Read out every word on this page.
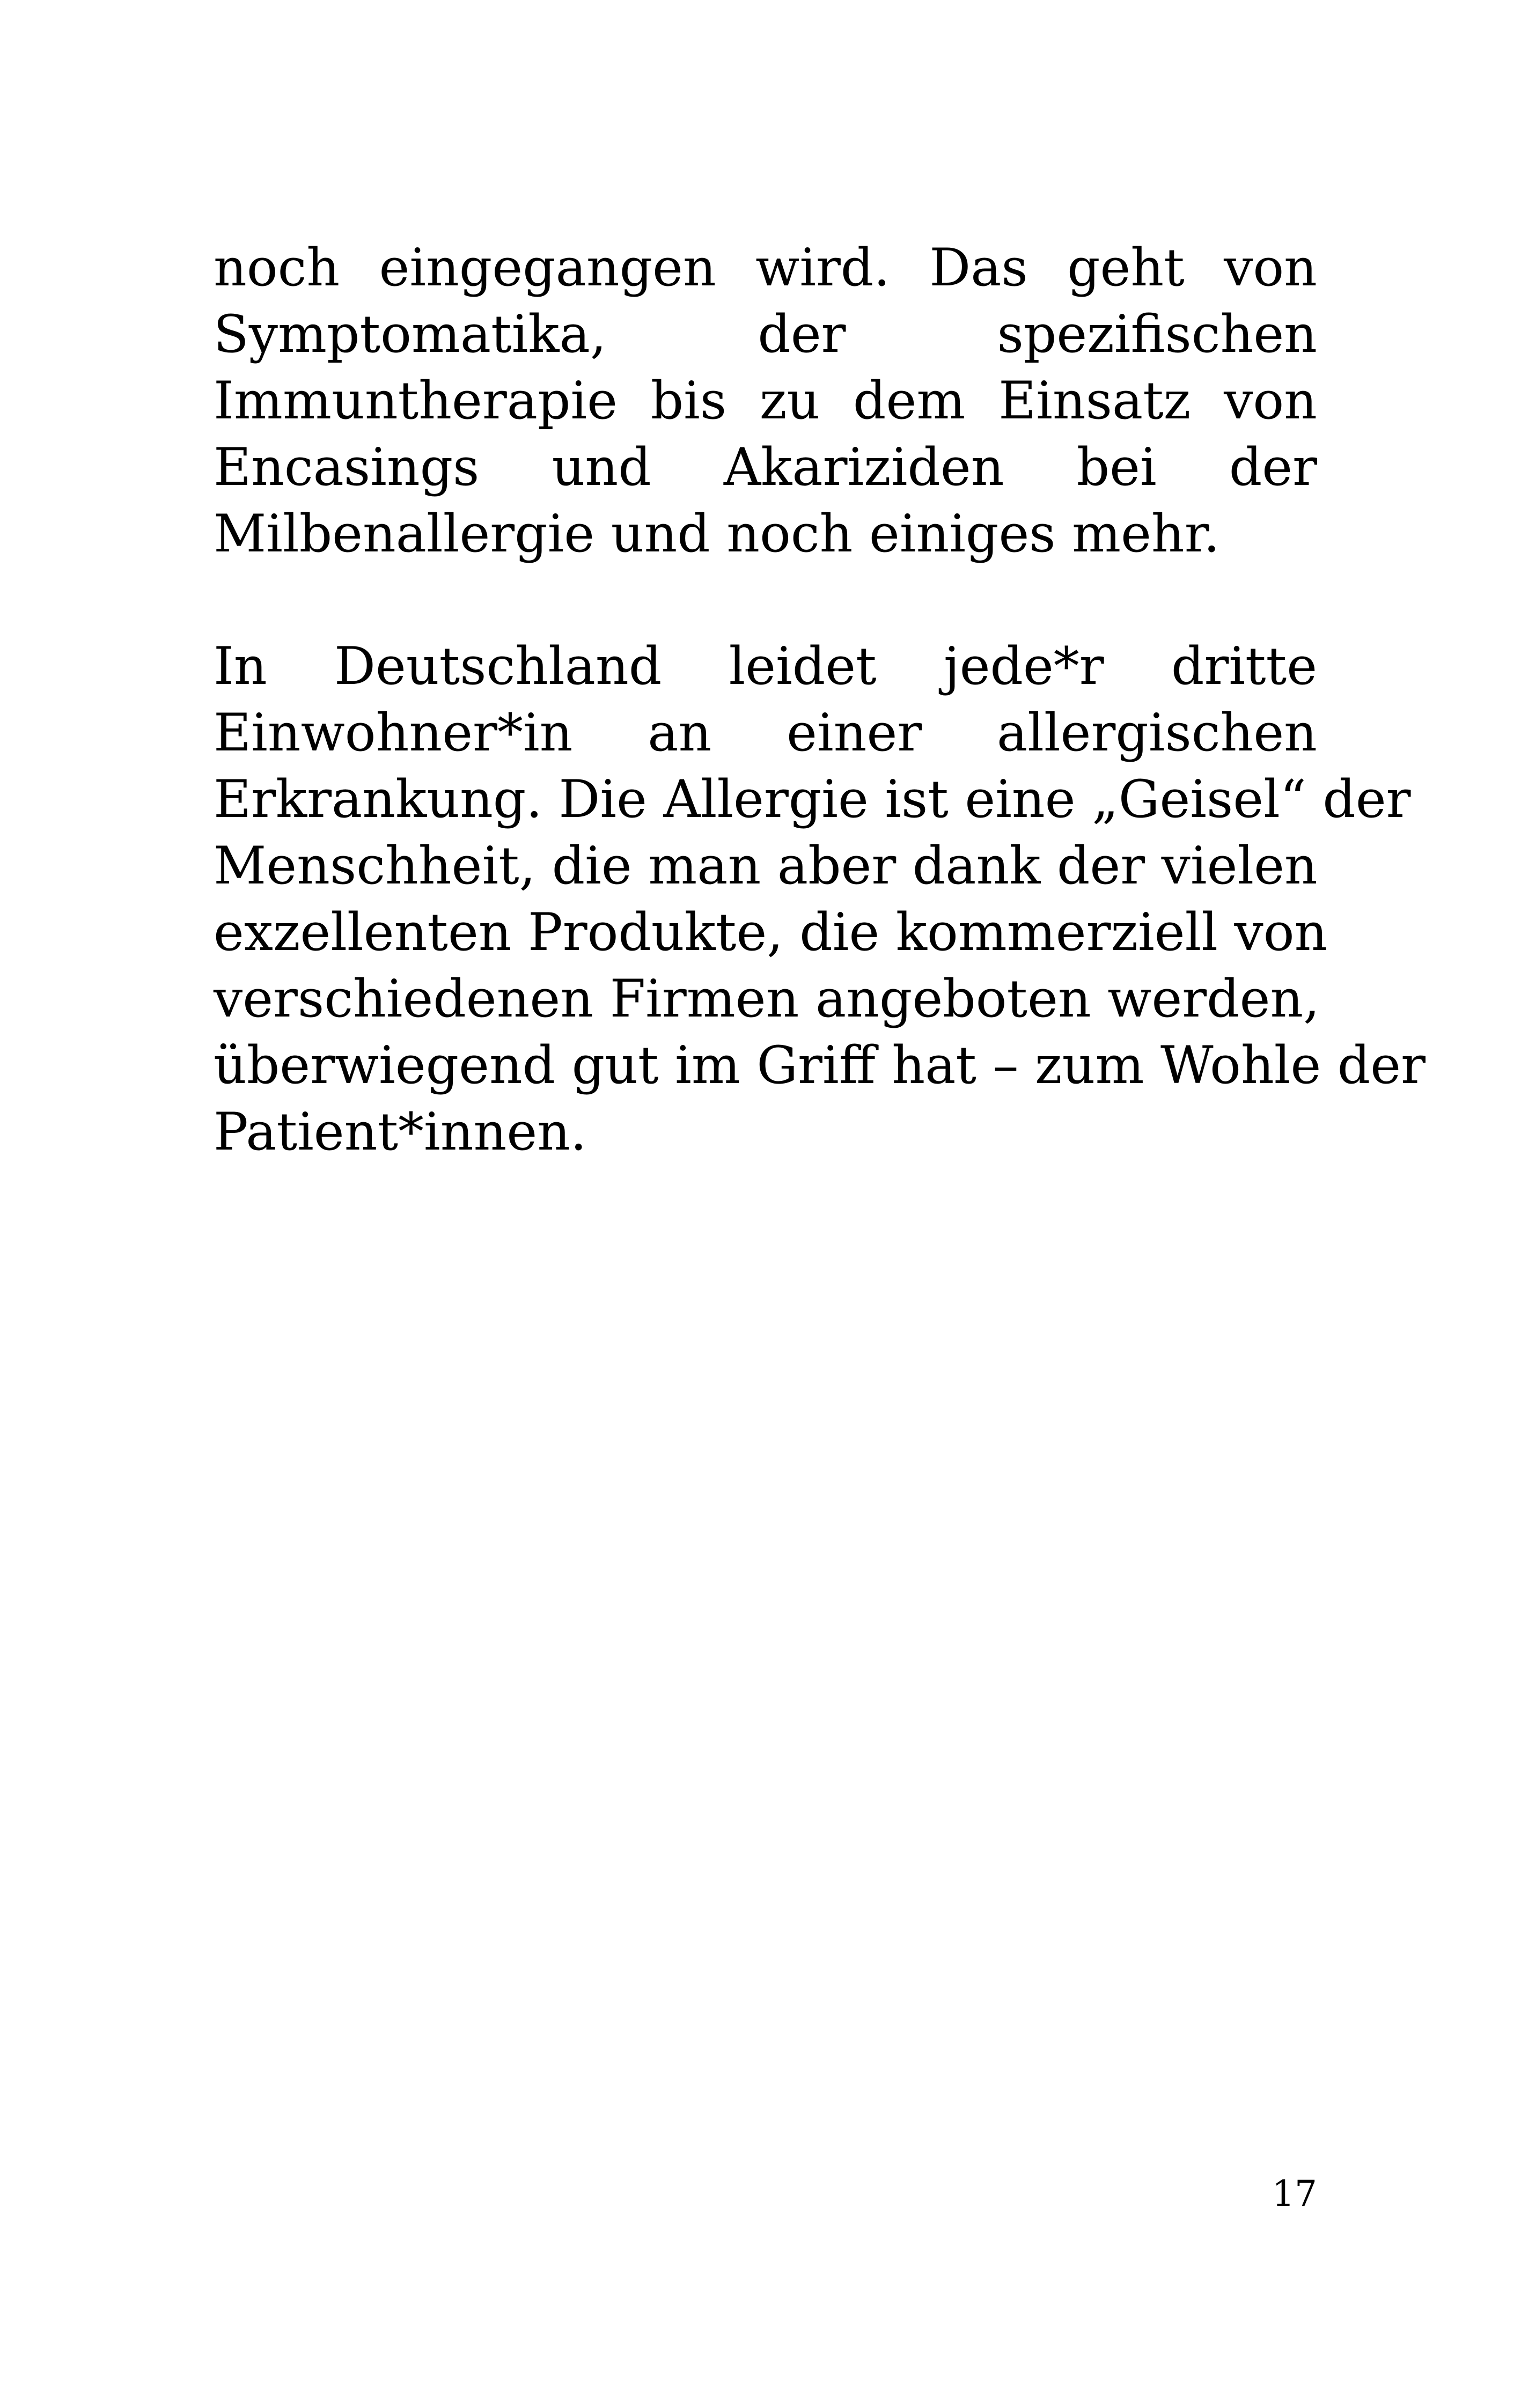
noch eingegangen wird. Das geht von
Symptomatika, der spezifischen
Immuntherapie bis zu dem Einsatz von
Encasings und Akariziden bei der
Milbenallergie und noch einiges mehr.
In Deutschland leidet jede*r dritte
Einwohner*in an einer allergischen
Erkrankung. Die Allergie ist eine „Geisel“ der
Menschheit, die man aber dank der vielen
exzellenten Produkte, die kommerziell von
verschiedenen Firmen angeboten werden,
überwiegend gut im Griff hat – zum Wohle der
Patient*innen.
17
